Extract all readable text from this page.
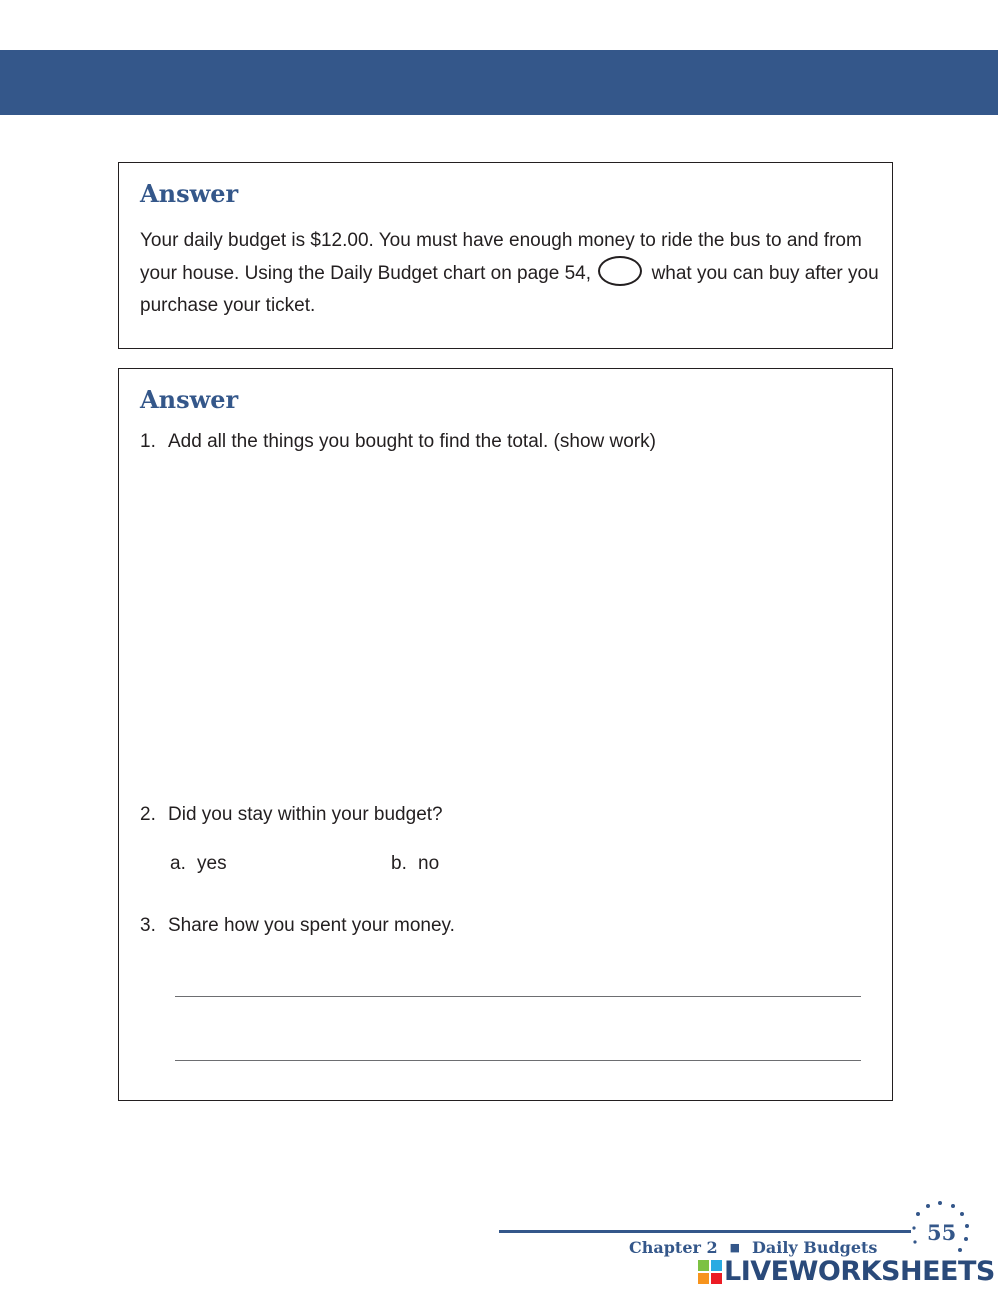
Answer
Your daily budget is $12.00. You must have enough money to ride the bus to and from your house. Using the Daily Budget chart on page 54,	what you can buy after you purchase your ticket.
Answer
1. Add all the things you bought to find the total. (show work)
2. Did you stay within your budget?
a. yes	b. no
3. Share how you spent your money.
Chapter 2 ■ Daily Budgets
55
LIVEWORKSHEETS
